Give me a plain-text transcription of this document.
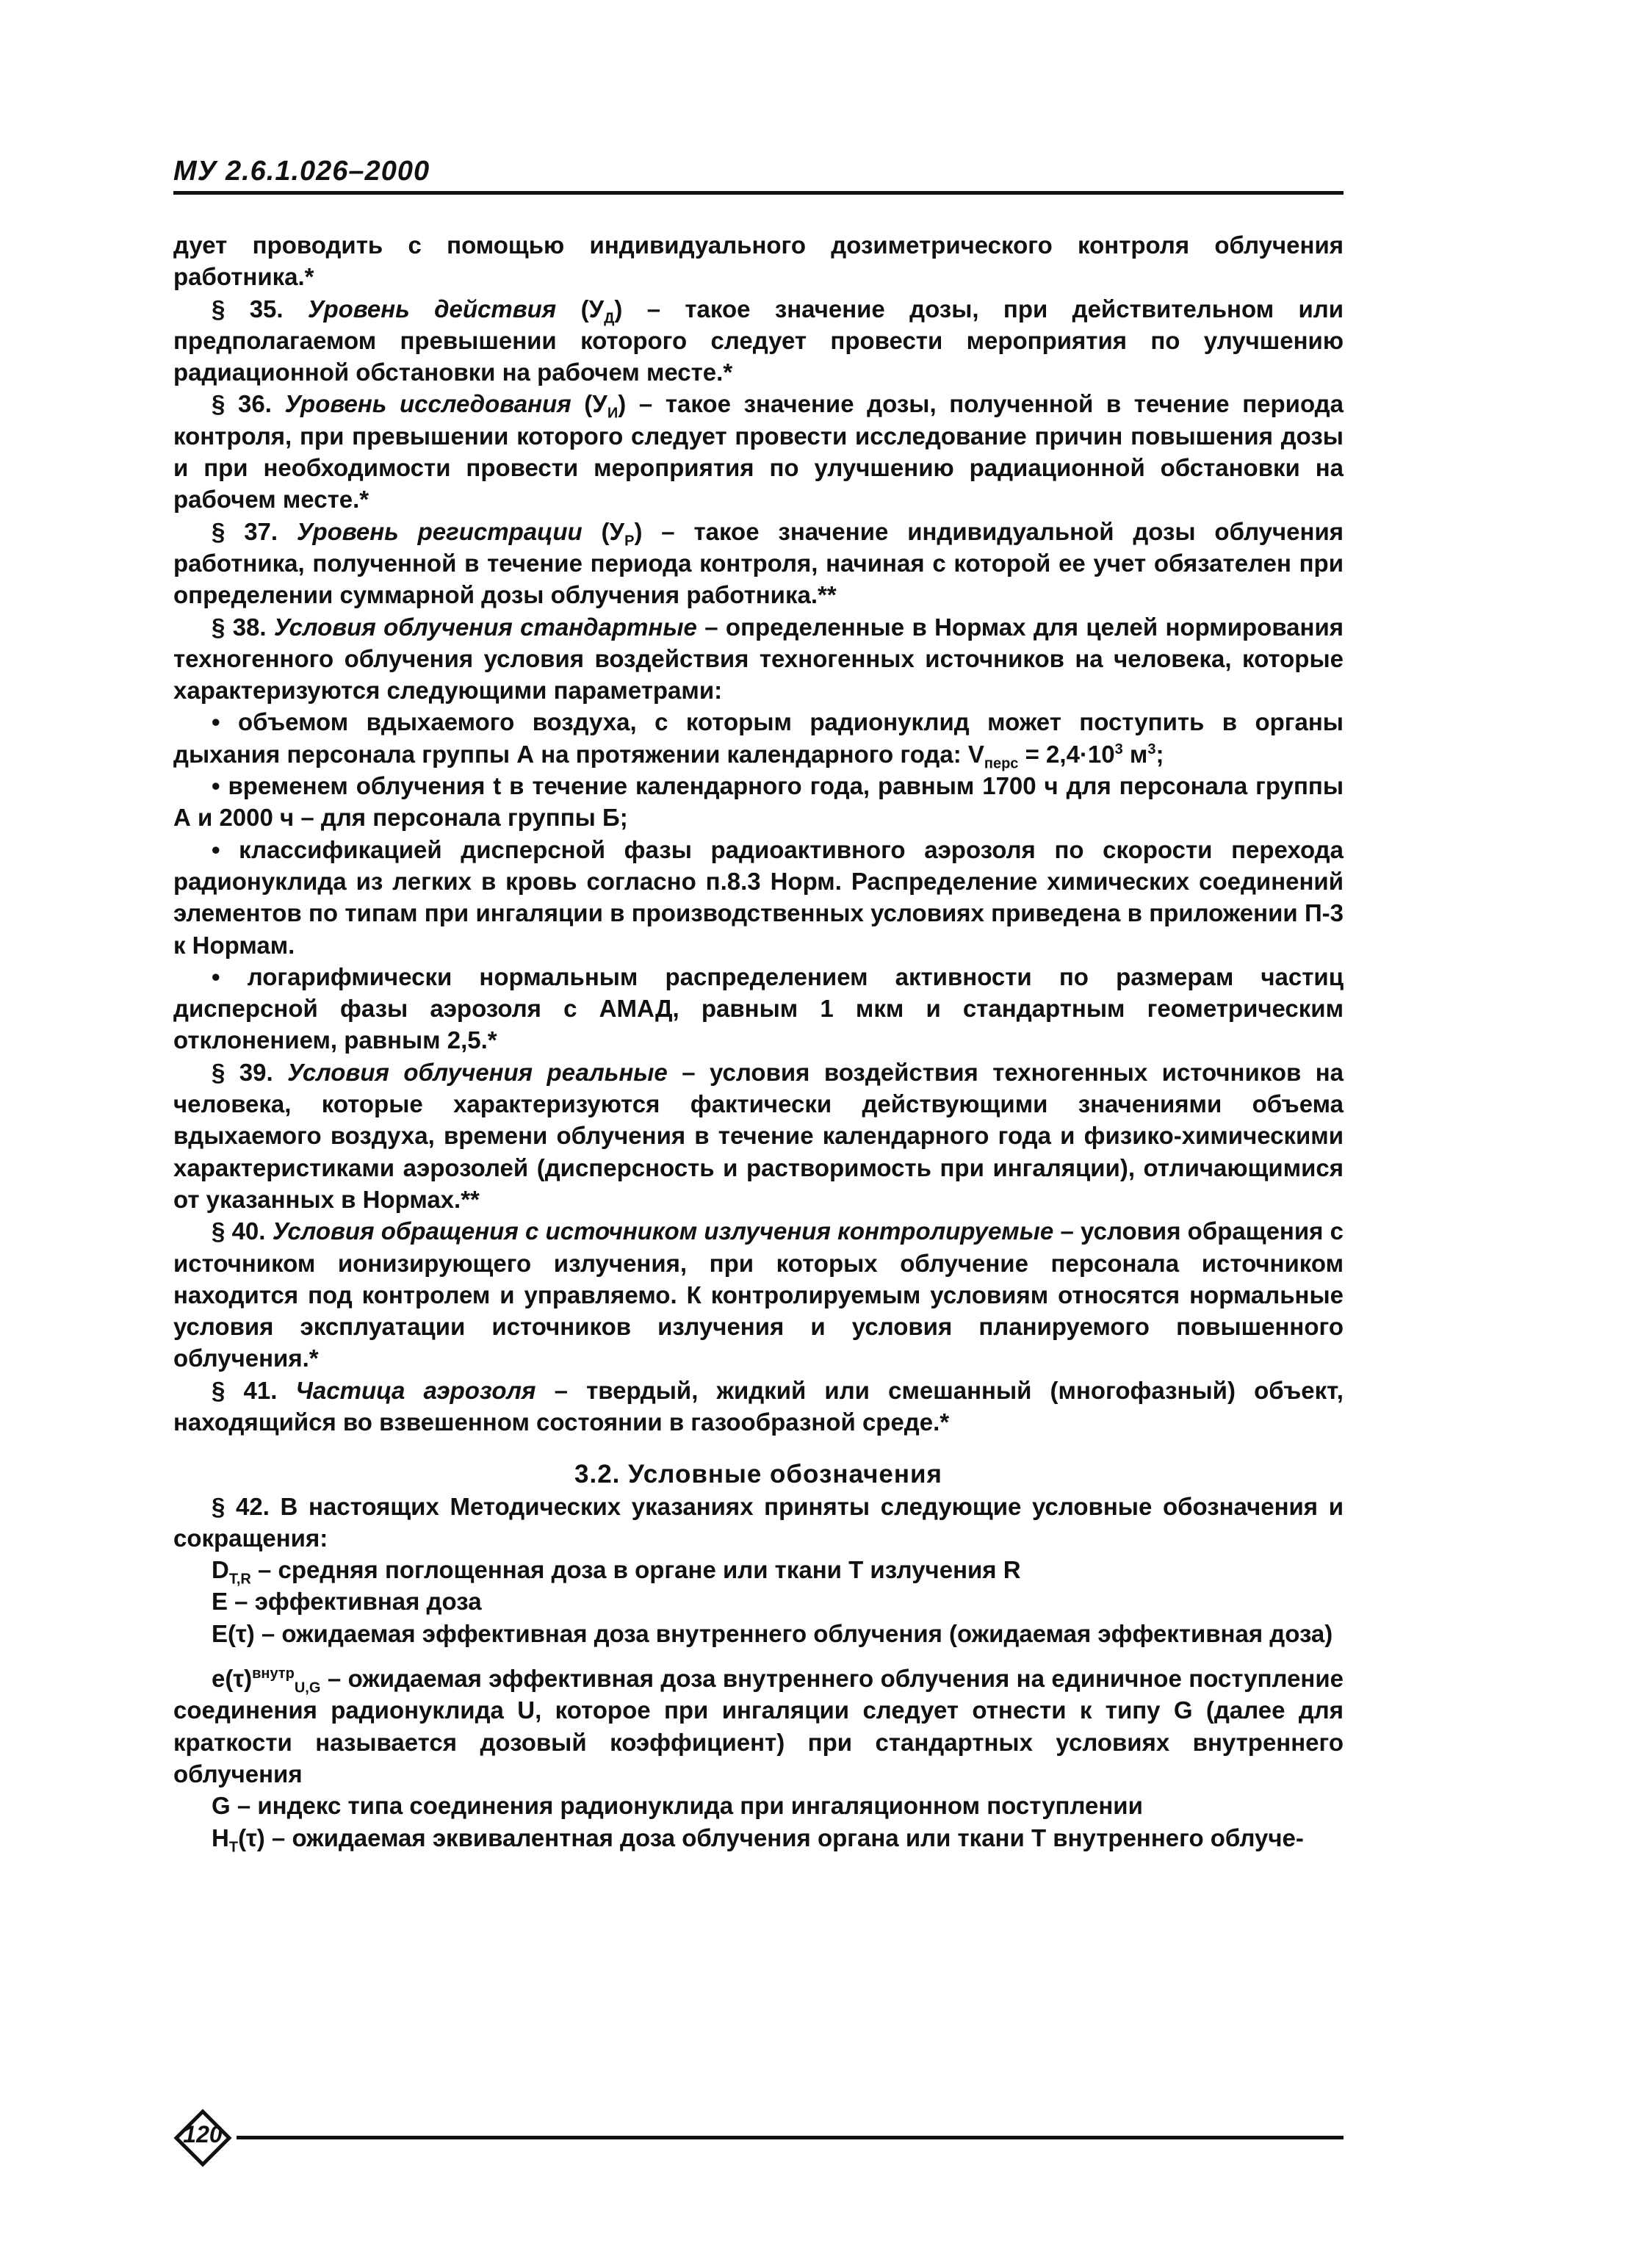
МУ 2.6.1.026–2000

дует проводить с помощью индивидуального дозиметрического контроля облучения работника.*

§ 35. Уровень действия $(У_Д)$ – такое значение дозы, при действительном или предполагаемом превышении которого следует провести мероприятия по улучшению радиационной обстановки на рабочем месте.*

§ 36. Уровень исследования $(У_И)$ – такое значение дозы, полученной в течение периода контроля, при превышении которого следует провести исследование причин повышения дозы и при необходимости провести мероприятия по улучшению радиационной обстановки на рабочем месте.*

§ 37. Уровень регистрации $(У_Р)$ – такое значение индивидуальной дозы облучения работника, полученной в течение периода контроля, начиная с которой ее учет обязателен при определении суммарной дозы облучения работника.**

§ 38. Условия облучения стандартные – определенные в Нормах для целей нормирования техногенного облучения условия воздействия техногенных источников на человека, которые характеризуются следующими параметрами:

• объемом вдыхаемого воздуха, с которым радионуклид может поступить в органы дыхания персонала группы А на протяжении календарного года: $V_{перс} = 2,4\cdot 10^3$ $м^3$;

• временем облучения t в течение календарного года, равным 1700 ч для персонала группы А и 2000 ч – для персонала группы Б;

• классификацией дисперсной фазы радиоактивного аэрозоля по скорости перехода радионуклида из легких в кровь согласно п.8.3 Норм. Распределение химических соединений элементов по типам при ингаляции в производственных условиях приведена в приложении П-3 к Нормам.

• логарифмически нормальным распределением активности по размерам частиц дисперсной фазы аэрозоля с АМАД, равным 1 мкм и стандартным геометрическим отклонением, равным 2,5.*

§ 39. Условия облучения реальные – условия воздействия техногенных источников на человека, которые характеризуются фактически действующими значениями объема вдыхаемого воздуха, времени облучения в течение календарного года и физико-химическими характеристиками аэрозолей (дисперсность и растворимость при ингаляции), отличающимися от указанных в Нормах.**

§ 40. Условия обращения с источником излучения контролируемые – условия обращения с источником ионизирующего излучения, при которых облучение персонала источником находится под контролем и управляемо. К контролируемым условиям относятся нормальные условия эксплуатации источников излучения и условия планируемого повышенного облучения.*

§ 41. Частица аэрозоля – твердый, жидкий или смешанный (многофазный) объект, находящийся во взвешенном состоянии в газообразной среде.*

3.2. Условные обозначения

§ 42. В настоящих Методических указаниях приняты следующие условные обозначения и сокращения:

$D_{T,R}$ – средняя поглощенная доза в органе или ткани T излучения R

E – эффективная доза

E(τ) – ожидаемая эффективная доза внутреннего облучения (ожидаемая эффективная доза)

$e(\tau)^{внутр}_{U,G}$ – ожидаемая эффективная доза внутреннего облучения на единичное поступление соединения радионуклида U, которое при ингаляции следует отнести к типу G (далее для краткости называется дозовый коэффициент) при стандартных условиях внутреннего облучения

G – индекс типа соединения радионуклида при ингаляционном поступлении

$H_T(\tau)$ – ожидаемая эквивалентная доза облучения органа или ткани T внутреннего облуче-

120
